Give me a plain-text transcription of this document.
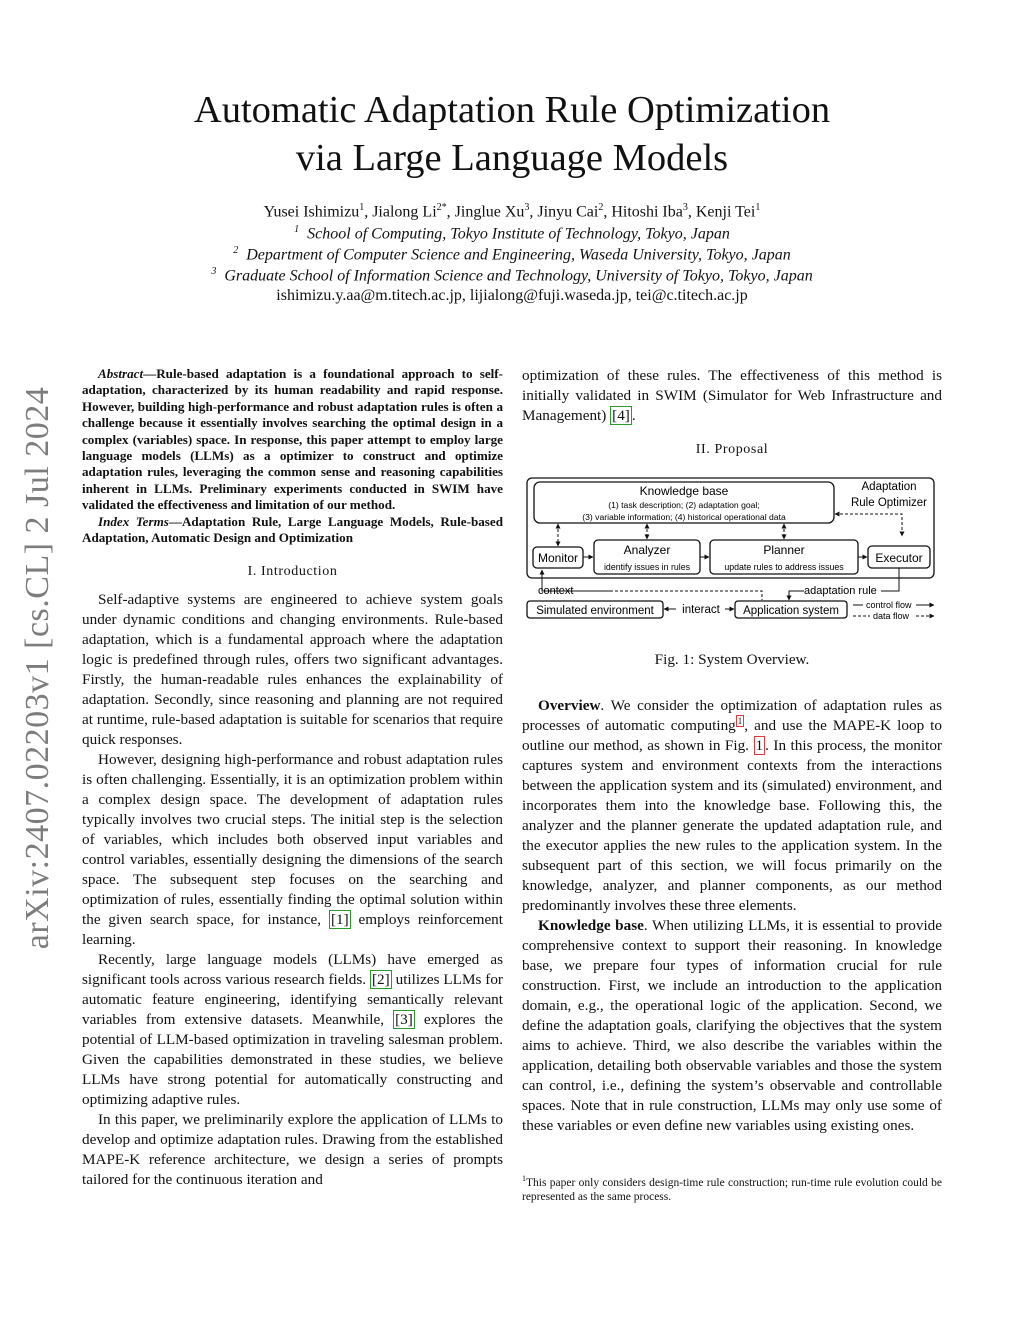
arXiv:2407.02203v1 [cs.CL] 2 Jul 2024
Automatic Adaptation Rule Optimization
via Large Language Models
Yusei Ishimizu$^1$, Jialong $Li^{2*}$, Jinglue Xu$^3$, Jinyu Cai$^2$, Hitoshi Iba$^3$, Kenji Tei$^1$
$^1$ School of Computing, Tokyo Institute of Technology, Tokyo, Japan
$^2$ Department of Computer Science and Engineering, Waseda University, Tokyo, Japan
$^3$ Graduate School of Information Science and Technology, University of Tokyo, Tokyo, Japan
ishimizu.y.aa@m.titech.ac.jp, lijialong@fuji.waseda.jp, tei@c.titech.ac.jp

Abstract—Rule-based adaptation is a foundational approach to self-adaptation, characterized by its human readability and rapid response. However, building high-performance and robust adaptation rules is often a challenge because it essentially involves searching the optimal design in a complex (variables) space. In response, this paper attempt to employ large language models (LLMs) as a optimizer to construct and optimize adaptation rules, leveraging the common sense and reasoning capabilities inherent in LLMs. Preliminary experiments conducted in SWIM have validated the effectiveness and limitation of our method.

Index Terms—Adaptation Rule, Large Language Models, Rule-based Adaptation, Automatic Design and Optimization

I. Introduction

Self-adaptive systems are engineered to achieve system goals under dynamic conditions and changing environments. Rule-based adaptation, which is a fundamental approach where the adaptation logic is predefined through rules, offers two significant advantages. Firstly, the human-readable rules enhances the explainability of adaptation. Secondly, since reasoning and planning are not required at runtime, rule-based adaptation is suitable for scenarios that require quick responses.

However, designing high-performance and robust adaptation rules is often challenging. Essentially, it is an optimization problem within a complex design space. The development of adaptation rules typically involves two crucial steps. The initial step is the selection of variables, which includes both observed input variables and control variables, essentially designing the dimensions of the search space. The subsequent step focuses on the searching and optimization of rules, essentially finding the optimal solution within the given search space, for instance, [1] employs reinforcement learning.

Recently, large language models (LLMs) have emerged as significant tools across various research fields. [2] utilizes LLMs for automatic feature engineering, identifying semantically relevant variables from extensive datasets. Meanwhile, [3] explores the potential of LLM-based optimization in traveling salesman problem. Given the capabilities demonstrated in these studies, we believe LLMs have strong potential for automatically constructing and optimizing adaptive rules.

In this paper, we preliminarily explore the application of LLMs to develop and optimize adaptation rules. Drawing from the established MAPE-K reference architecture, we design a series of prompts tailored for the continuous iteration and

optimization of these rules. The effectiveness of this method is initially validated in SWIM (Simulator for Web Infrastructure and Management) [4] .

II. Proposal
Fig. 1: System Overview.

Overview. We consider the optimization of adaptation rules as processes of automatic computing $^1$ , and use the MAPE-K loop to outline our method, as shown in Fig. 1 . In this process, the monitor captures system and environment contexts from the interactions between the application system and its (simulated) environment, and incorporates them into the knowledge base. Following this, the analyzer and the planner generate the updated adaptation rule, and the executor applies the new rules to the application system. In the subsequent part of this section, we will focus primarily on the knowledge, analyzer, and planner components, as our method predominantly involves these three elements.

Knowledge base. When utilizing LLMs, it is essential to provide comprehensive context to support their reasoning. In knowledge base, we prepare four types of information crucial for rule construction. First, we include an introduction to the application domain, e.g., the operational logic of the application. Second, we define the adaptation goals, clarifying the objectives that the system aims to achieve. Third, we also describe the variables within the application, detailing both observable variables and those the system can control, i.e., defining the system’s observable and controllable spaces. Note that in rule construction, LLMs may only use some of these variables or even define new variables using existing ones.

Adaptation
Rule Optimizer
Knowledge base
(1) task description; (2) adaptation goal;
(3) variable information; (4) historical operational data
Monitor
Analyzer
identify issues in rules
Planner
update rules to address issues
Executor
context	adaptation rule
Simulated environment interact Application system	control flow
data flow
$^1$This paper only considers design-time rule construction; run-time rule evolution could be represented as the same process.
